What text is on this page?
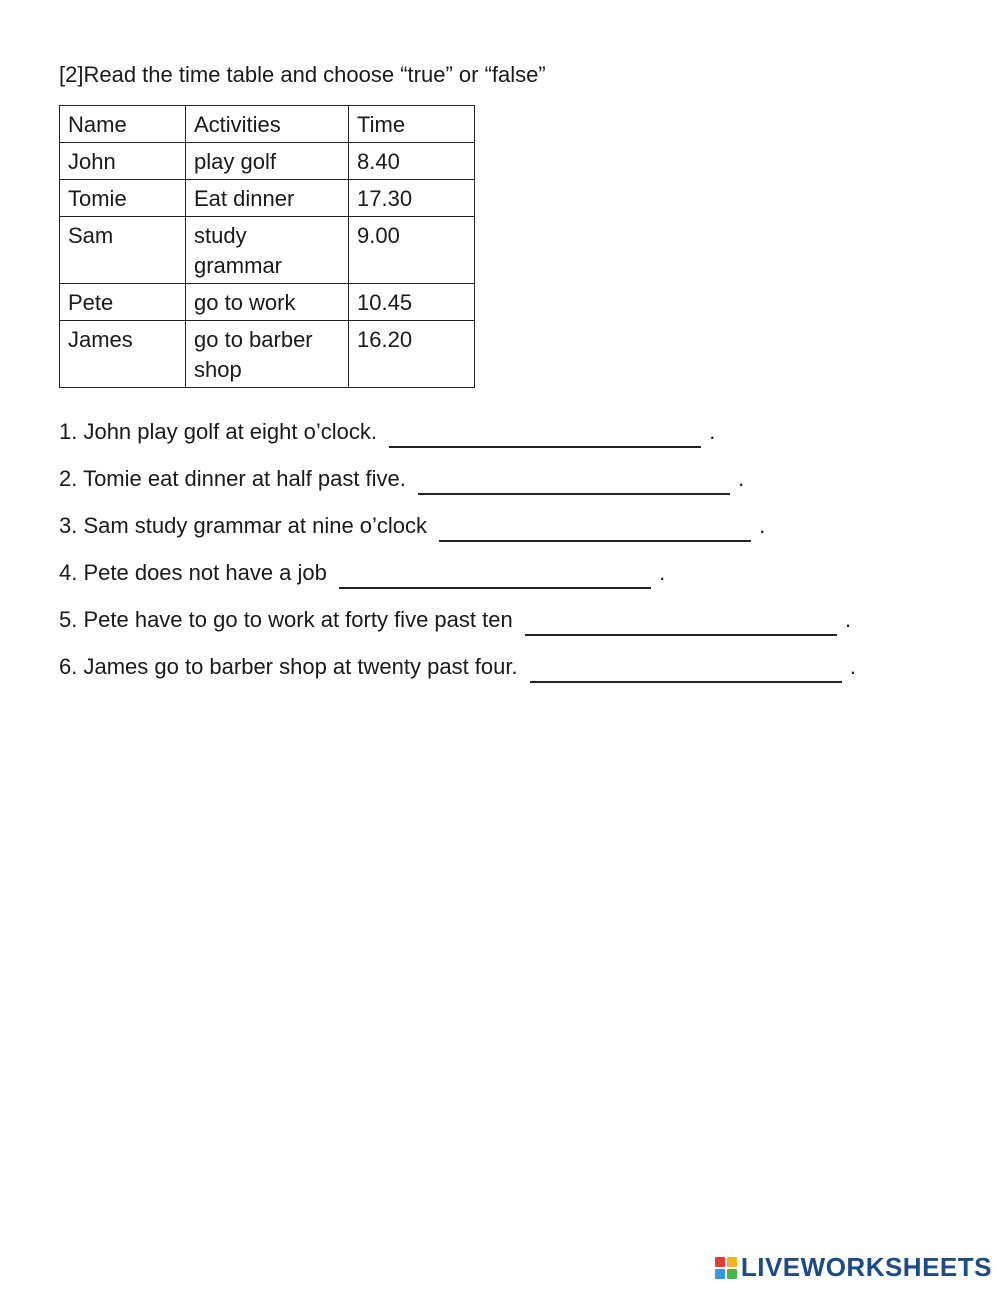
[2]Read the time table and choose “true” or “false”
Name	Activities	Time
John	play golf	8.40
Tomie	Eat dinner	17.30
Sam	study grammar	9.00
Pete	go to work	10.45
James	go to barber shop	16.20
1. John play golf at eight o’clock.	.
2. Tomie eat dinner at half past five.	.
3. Sam study grammar at nine o’clock	.
4. Pete does not have a job	.
5. Pete have to go to work at forty five past ten	.
6. James go to barber shop at twenty past four.	.
LIVEWORKSHEETS
